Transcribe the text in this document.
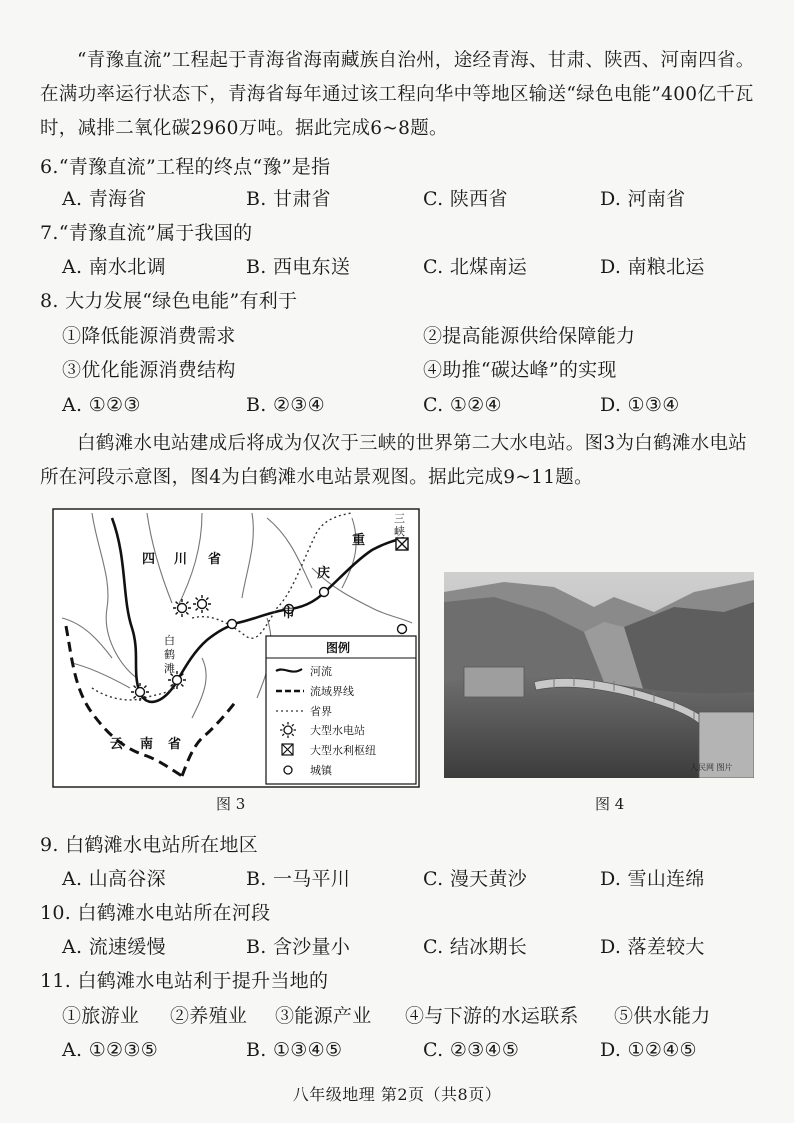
“青豫直流”工程起于青海省海南藏族自治州，途经青海、甘肃、陕西、河南四省。在满功率运行状态下，青海省每年通过该工程向华中等地区输送“绿色电能”400亿千瓦时，减排二氧化碳2960万吨。据此完成6~8题。
6.“青豫直流”工程的终点“豫”是指
A. 青海省	B. 甘肃省	C. 陕西省	D. 河南省
7.“青豫直流”属于我国的
A. 南水北调	B. 西电东送	C. 北煤南运	D. 南粮北运
8. 大力发展“绿色电能”有利于
①降低能源消费需求	②提高能源供给保障能力
③优化能源消费结构	④助推“碳达峰”的实现
A. ①②③	B. ②③④	C. ①②④	D. ①③④
白鹤滩水电站建成后将成为仅次于三峡的世界第二大水电站。图3为白鹤滩水电站所在河段示意图，图4为白鹤滩水电站景观图。据此完成9~11题。
四 川 省
重
庆
市
云 南 省
白
鹤
滩
三
峡
图例
河流
流域界线
省界
大型水电站
大型水利枢纽
城镇
图 3
人民网 图片
图 4
9. 白鹤滩水电站所在地区
A. 山高谷深	B. 一马平川	C. 漫天黄沙	D. 雪山连绵
10. 白鹤滩水电站所在河段
A. 流速缓慢	B. 含沙量小	C. 结冰期长	D. 落差较大
11. 白鹤滩水电站利于提升当地的
①旅游业 ②养殖业 ③能源产业 ④与下游的水运联系 ⑤供水能力
A. ①②③⑤	B. ①③④⑤	C. ②③④⑤	D. ①②④⑤
八年级地理 第2页（共8页）
